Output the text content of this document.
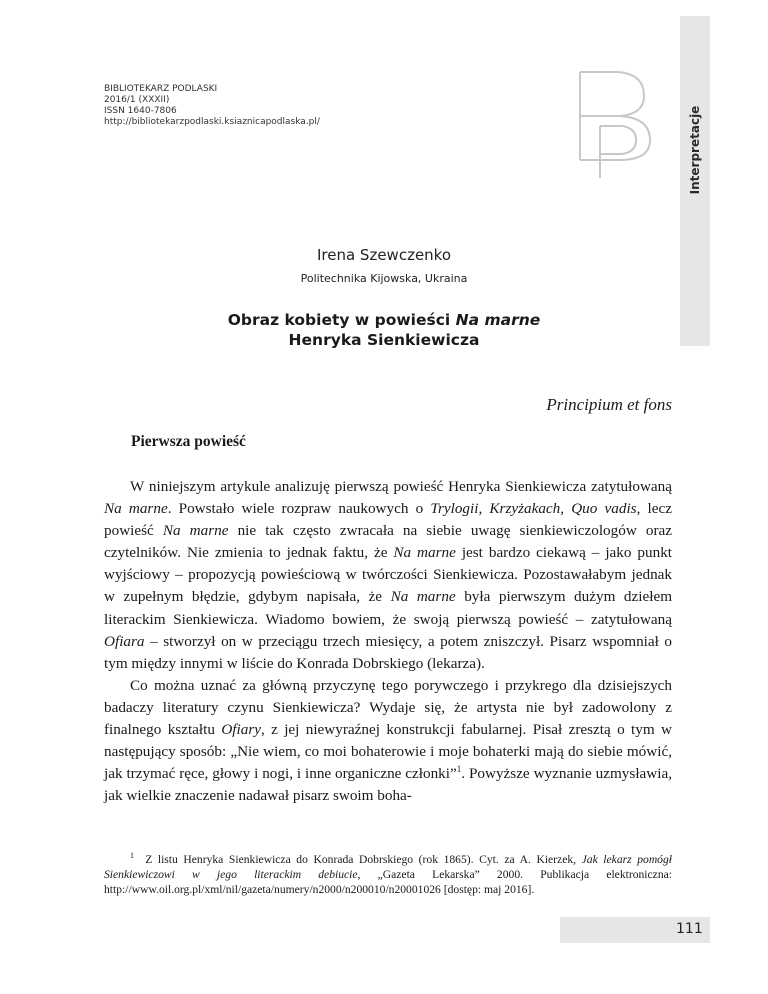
Interpretacje
BIBLIOTEKARZ PODLASKI
2016/1 (XXXII)
ISSN 1640-7806
http://bibliotekarzpodlaski.ksiaznicapodlaska.pl/
Irena Szewczenko
Politechnika Kijowska, Ukraina
Obraz kobiety w powieści Na marne
Henryka Sienkiewicza
Principium et fons
Pierwsza powieść

W niniejszym artykule analizuję pierwszą powieść Henryka Sienkiewicza zatytułowaną Na marne. Powstało wiele rozpraw naukowych o Trylogii, Krzyżakach, Quo vadis, lecz powieść Na marne nie tak często zwracała na siebie uwagę sienkiewiczologów oraz czytelników. Nie zmienia to jednak faktu, że Na marne jest bardzo ciekawą – jako punkt wyjściowy – propozycją powieściową w twórczości Sienkiewicza. Pozostawałabym jednak w zupełnym błędzie, gdybym napisała, że Na marne była pierwszym dużym dziełem literackim Sienkiewicza. Wiadomo bowiem, że swoją pierwszą powieść – zatytułowaną Ofiara – stworzył on w przeciągu trzech miesięcy, a potem zniszczył. Pisarz wspomniał o tym między innymi w liście do Konrada Dobrskiego (lekarza).

Co można uznać za główną przyczynę tego porywczego i przykrego dla dzisiejszych badaczy literatury czynu Sienkiewicza? Wydaje się, że artysta nie był zadowolony z finalnego kształtu Ofiary, z jej niewyraźnej konstrukcji fabularnej. Pisał zresztą o tym w następujący sposób: „Nie wiem, co moi bohaterowie i moje bohaterki mają do siebie mówić, jak trzymać ręce, głowy i nogi, i inne organiczne członki”$^1$. Powyższe wyznanie uzmysławia, jak wielkie znaczenie nadawał pisarz swoim boha-

$^1$ Z listu Henryka Sienkiewicza do Konrada Dobrskiego (rok 1865). Cyt. za A. Kierzek, Jak lekarz pomógł Sienkiewiczowi w jego literackim debiucie, „Gazeta Lekarska” 2000. Publikacja elektroniczna: http://www.oil.org.pl/xml/nil/gazeta/numery/n2000/n200010/n20001026 [dostęp: maj 2016].
111
